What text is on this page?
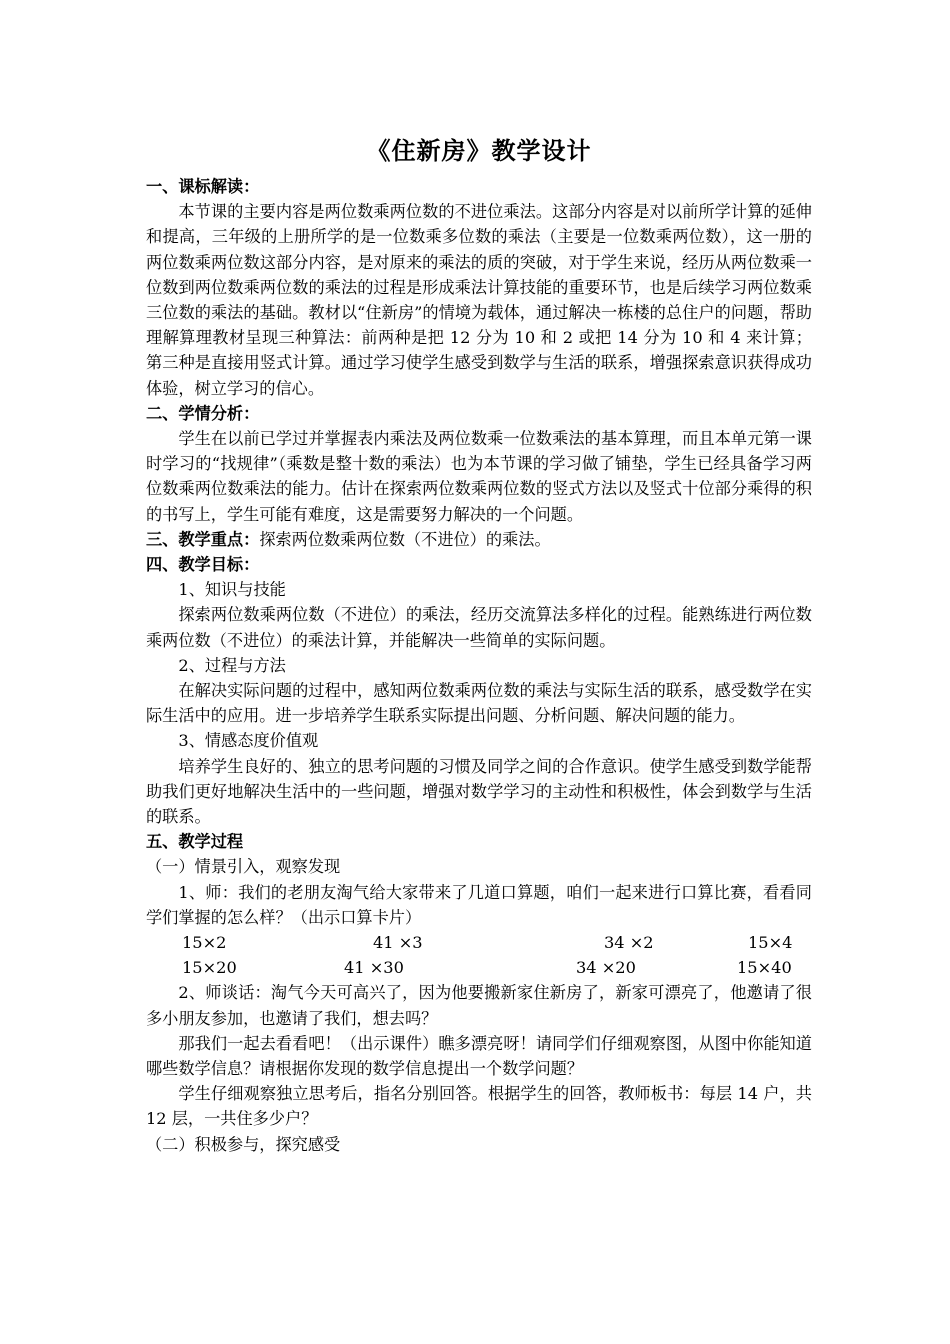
《住新房》教学设计

一、课标解读：

本节课的主要内容是两位数乘两位数的不进位乘法。这部分内容是对以前所学计算的延伸和提高，三年级的上册所学的是一位数乘多位数的乘法（主要是一位数乘两位数），这一册的两位数乘两位数这部分内容，是对原来的乘法的质的突破，对于学生来说，经历从两位数乘一位数到两位数乘两位数的乘法的过程是形成乘法计算技能的重要环节，也是后续学习两位数乘三位数的乘法的基础。教材以“住新房”的情境为载体，通过解决一栋楼的总住户的问题，帮助理解算理教材呈现三种算法：前两种是把 12 分为 10 和 2 或把 14 分为 10 和 4 来计算；第三种是直接用竖式计算。通过学习使学生感受到数学与生活的联系，增强探索意识获得成功体验，树立学习的信心。

二、学情分析：

学生在以前已学过并掌握表内乘法及两位数乘一位数乘法的基本算理，而且本单元第一课时学习的“找规律”（乘数是整十数的乘法）也为本节课的学习做了铺垫，学生已经具备学习两位数乘两位数乘法的能力。估计在探索两位数乘两位数的竖式方法以及竖式十位部分乘得的积的书写上，学生可能有难度，这是需要努力解决的一个问题。

三、教学重点：探索两位数乘两位数（不进位）的乘法。

四、教学目标：

1、知识与技能

探索两位数乘两位数（不进位）的乘法，经历交流算法多样化的过程。能熟练进行两位数乘两位数（不进位）的乘法计算，并能解决一些简单的实际问题。

2、过程与方法

在解决实际问题的过程中，感知两位数乘两位数的乘法与实际生活的联系，感受数学在实际生活中的应用。进一步培养学生联系实际提出问题、分析问题、解决问题的能力。

3、情感态度价值观

培养学生良好的、独立的思考问题的习惯及同学之间的合作意识。使学生感受到数学能帮助我们更好地解决生活中的一些问题，增强对数学学习的主动性和积极性，体会到数学与生活的联系。

五、教学过程

（一）情景引入，观察发现

1、师：我们的老朋友淘气给大家带来了几道口算题，咱们一起来进行口算比赛，看看同学们掌握的怎么样？（出示口算卡片）

15×2	41 ×3	34 ×2	15×4
15×20	41 ×30	34 ×20	15×40

2、师谈话：淘气今天可高兴了，因为他要搬新家住新房了，新家可漂亮了，他邀请了很多小朋友参加，也邀请了我们，想去吗？

那我们一起去看看吧！（出示课件）瞧多漂亮呀！请同学们仔细观察图，从图中你能知道哪些数学信息？请根据你发现的数学信息提出一个数学问题？

学生仔细观察独立思考后，指名分别回答。根据学生的回答，教师板书：每层 14 户，共 12 层，一共住多少户？

（二）积极参与，探究感受
